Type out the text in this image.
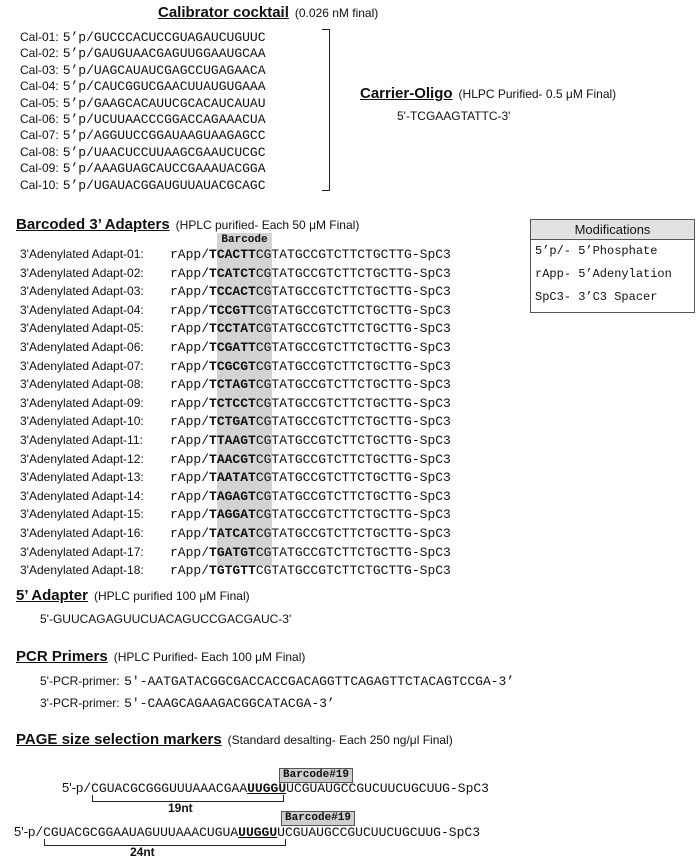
Calibrator cocktail (0.026 nM final)
Cal-01: 5’p/GUCCCACUCCGUAGAUCUGUUC
Cal-02: 5’p/GAUGUAACGAGUUGGAAUGCAA
Cal-03: 5’p/UAGCAUAUCGAGCCUGAGAACA
Cal-04: 5’p/CAUCGGUCGAACUUAUGUGAAA
Cal-05: 5’p/GAAGCACAUUCGCACAUCAUAU
Cal-06: 5’p/UCUUAACCCGGACCAGAAACUA
Cal-07: 5’p/AGGUUCCGGAUAAGUAAGAGCC
Cal-08: 5’p/UAACUCCUUAAGCGAAUCUCGC
Cal-09: 5’p/AAAGUAGCAUCCGAAAUACGGA
Cal-10: 5’p/UGAUACGGAUGUUAUACGCAGC
Carrier-Oligo (HLPC Purified- 0.5 μM Final)
5'-TCGAAGTATTC-3'
Barcoded 3’ Adapters (HPLC purified- Each 50 μM Final)
Barcode
3'Adenylated Adapt-01: rApp/TCACTTCGTATGCCGTCTTCTGCTTG-SpC3
3'Adenylated Adapt-02: rApp/TCATCTCGTATGCCGTCTTCTGCTTG-SpC3
3'Adenylated Adapt-03: rApp/TCCACTCGTATGCCGTCTTCTGCTTG-SpC3
3'Adenylated Adapt-04: rApp/TCCGTTCGTATGCCGTCTTCTGCTTG-SpC3
3'Adenylated Adapt-05: rApp/TCCTATCGTATGCCGTCTTCTGCTTG-SpC3
3'Adenylated Adapt-06: rApp/TCGATTCGTATGCCGTCTTCTGCTTG-SpC3
3'Adenylated Adapt-07: rApp/TCGCGTCGTATGCCGTCTTCTGCTTG-SpC3
3'Adenylated Adapt-08: rApp/TCTAGTCGTATGCCGTCTTCTGCTTG-SpC3
3'Adenylated Adapt-09: rApp/TCTCCTCGTATGCCGTCTTCTGCTTG-SpC3
3'Adenylated Adapt-10: rApp/TCTGATCGTATGCCGTCTTCTGCTTG-SpC3
3'Adenylated Adapt-11: rApp/TTAAGTCGTATGCCGTCTTCTGCTTG-SpC3
3'Adenylated Adapt-12: rApp/TAACGTCGTATGCCGTCTTCTGCTTG-SpC3
3'Adenylated Adapt-13: rApp/TAATATCGTATGCCGTCTTCTGCTTG-SpC3
3'Adenylated Adapt-14: rApp/TAGAGTCGTATGCCGTCTTCTGCTTG-SpC3
3'Adenylated Adapt-15: rApp/TAGGATCGTATGCCGTCTTCTGCTTG-SpC3
3'Adenylated Adapt-16: rApp/TATCATCGTATGCCGTCTTCTGCTTG-SpC3
3'Adenylated Adapt-17: rApp/TGATGTCGTATGCCGTCTTCTGCTTG-SpC3
3'Adenylated Adapt-18: rApp/TGTGTTCGTATGCCGTCTTCTGCTTG-SpC3
Modifications
5’p/- 5’Phosphate
rApp- 5’Adenylation
SpC3- 3’C3 Spacer
5’ Adapter (HPLC purified 100 μM Final)
5'-GUUCAGAGUUCUACAGUCCGACGAUC-3'
PCR Primers (HPLC Purified- Each 100 μM Final)
5'-PCR-primer: 5'-AATGATACGGCGACCACCGACAGGTTCAGAGTTCTACAGTCCGA-3’
3'-PCR-primer: 5'-CAAGCAGAAGACGGCATACGA-3’
PAGE size selection markers (Standard desalting- Each 250 ng/μl Final)
Barcode#19
5'-p/CGUACGCGGGUUUAAACGAAUUGGUUCGUAUGCCGUCUUCUGCUUG-SpC3
19nt
Barcode#19
5'-p/CGUACGCGGAAUAGUUUAAACUGUAUUGGUUCGUAUGCCGUCUUCUGCUUG-SpC3
24nt
